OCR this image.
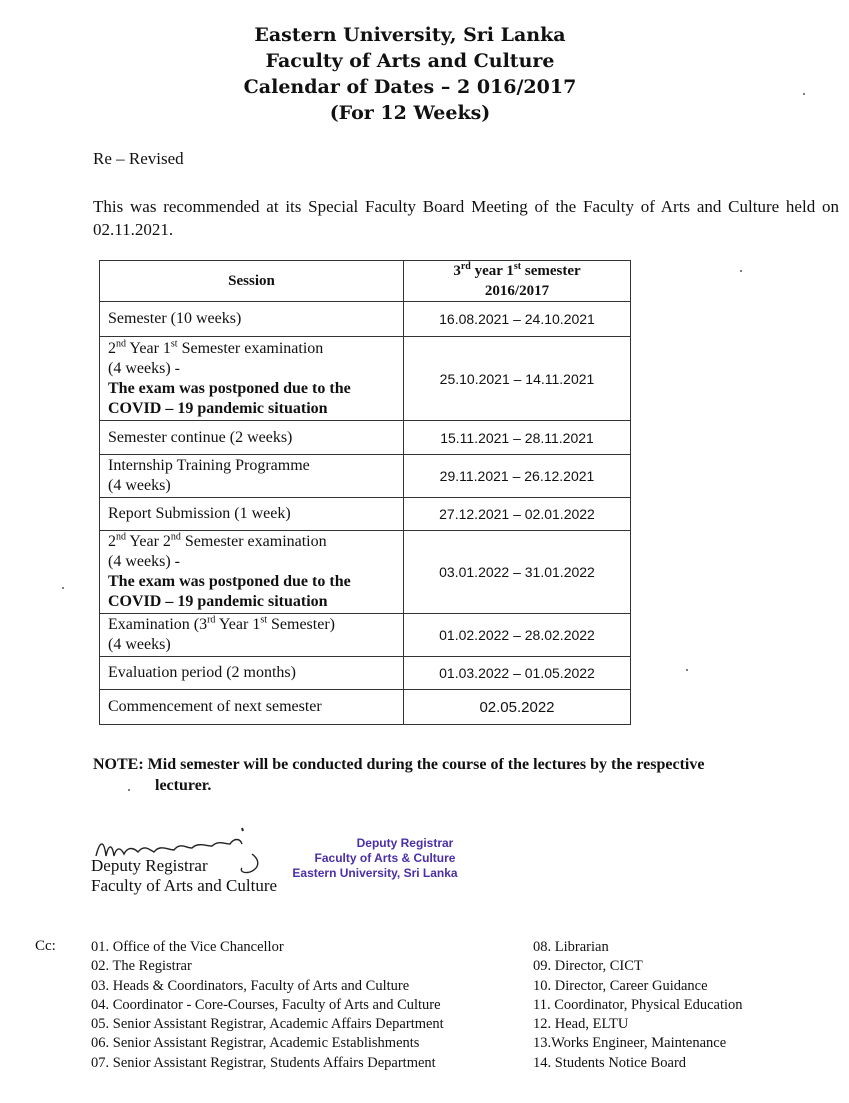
Eastern University, Sri Lanka
Faculty of Arts and Culture
Calendar of Dates – 2 016/2017
(For 12 Weeks)
Re – Revised
This was recommended at its Special Faculty Board Meeting of the Faculty of Arts and Culture held on 02.11.2021.
Session	3rd year 1st semester
2016/2017

Semester (10 weeks)	16.08.2021 – 24.10.2021

2nd Year 1st Semester examination
(4 weeks) -
The exam was postponed due to the COVID – 19 pandemic situation	25.10.2021 – 14.11.2021
Semester continue (2 weeks)	15.11.2021 – 28.11.2021

Internship Training Programme
(4 weeks)	29.11.2021 – 26.12.2021
Report Submission (1 week)	27.12.2021 – 02.01.2022

2nd Year 2nd Semester examination
(4 weeks) -
The exam was postponed due to the COVID – 19 pandemic situation	03.01.2022 – 31.01.2022

Examination (3rd Year 1st Semester)
(4 weeks)	01.02.2022 – 28.02.2022
Evaluation period (2 months)	01.03.2022 – 01.05.2022
Commencement of next semester	02.05.2022
NOTE: Mid semester will be conducted during the course of the lectures by the respective
lecturer.
Deputy Registrar
Faculty of Arts and Culture
Deputy Registrar
Faculty of Arts & Culture
Eastern University, Sri Lanka
Cc: 01. Office of the Vice Chancellor
02. The Registrar
03. Heads & Coordinators, Faculty of Arts and Culture
04. Coordinator - Core-Courses, Faculty of Arts and Culture
05. Senior Assistant Registrar, Academic Affairs Department
06. Senior Assistant Registrar, Academic Establishments
07. Senior Assistant Registrar, Students Affairs Department
08. Librarian
09. Director, CICT
10. Director, Career Guidance
11. Coordinator, Physical Education
12. Head, ELTU
13.Works Engineer, Maintenance
14. Students Notice Board
